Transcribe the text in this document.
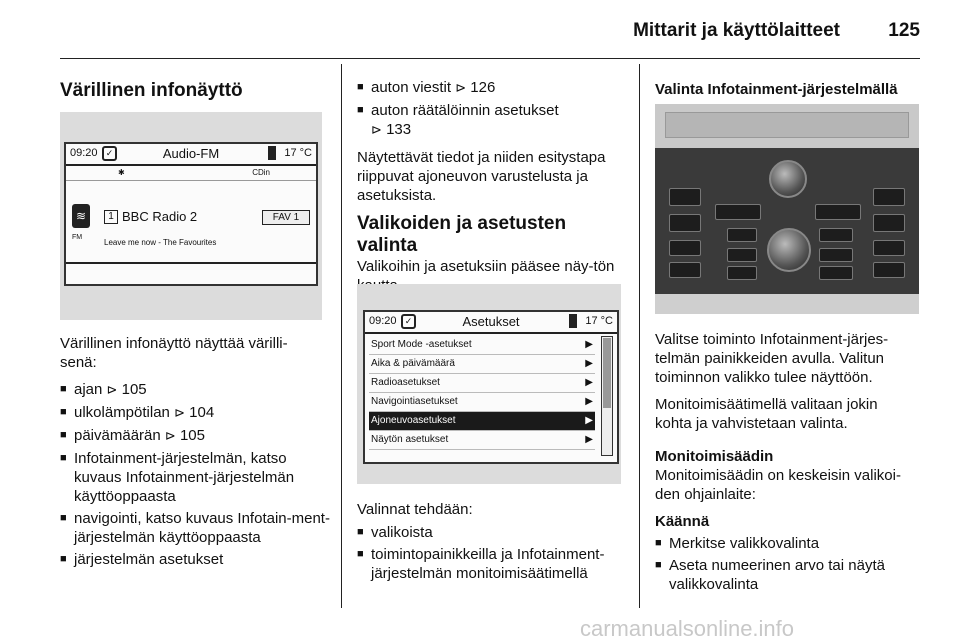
Mittarit ja käyttölaitteet	125
Värillinen infonäyttö
09:20 ✓	Audio-FM	17 °C
✱	CDin
≋
FM
1 BBC Radio 2	FAV 1
Leave me now - The Favourites

Värillinen infonäyttö näyttää värilli-senä:

■ ajan ⊳ 105
■ ulkolämpötilan ⊳ 104
■ päivämäärän ⊳ 105
■ Infotainment-järjestelmän, katso kuvaus Infotainment-järjestelmän käyttöoppaasta
■ navigointi, katso kuvaus Infotain-ment-järjestelmän käyttöoppaasta
■ järjestelmän asetukset
■ auton viestit ⊳ 126
■ auton räätälöinnin asetukset
⊳ 133

Näytettävät tiedot ja niiden esitystapa riippuvat ajoneuvon varustelusta ja asetuksista.

Valikoiden ja asetusten valinta

Valikoihin ja asetuksiin pääsee näy-tön

09:20 ✓	Asetukset	17 °C
Sport Mode -asetukset	▶
Aika & päivämäärä	▶
Radioasetukset	▶
Navigointiasetukset	▶
Ajoneuvoasetukset	▶
Näytön asetukset	▶

Valinnat tehdään:

■ valikoista
■ toimintopainikkeilla ja Infotainment-järjestelmän monitoimisäätimellä
Valinta Infotainment-järjestelmällä

Valitse toiminto Infotainment-järjes-telmän painikkeiden avulla. Valitun toiminnon valikko tulee näyttöön.

Monitoimisäätimellä valitaan jokin kohta ja vahvistetaan valinta.

Monitoimisäädin

Monitoimisäädin on keskeisin valikoi-den ohjainlaite:

Käännä
■ Merkitse valikkovalinta
■ Aseta numeerinen arvo tai näytä valikkovalinta
carmanualsonline.info
